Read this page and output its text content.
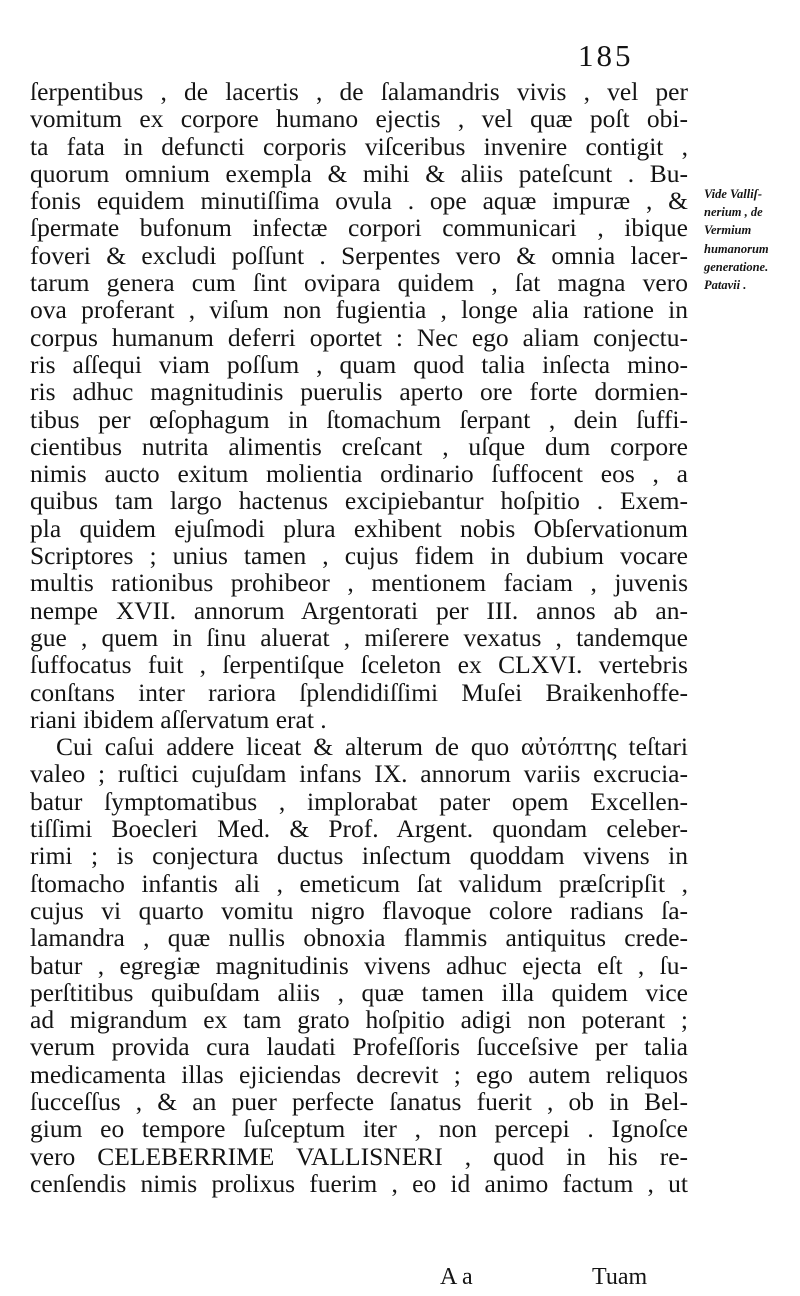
185
ſerpentibus , de lacertis , de ſalamandris vivis , vel per
vomitum ex corpore humano ejectis , vel quæ poſt obi-
ta fata in defuncti corporis viſceribus invenire contigit ,
quorum omnium exempla & mihi & aliis pateſcunt . Bu-
fonis equidem minutiſſima ovula . ope aquæ impuræ , &
ſpermate bufonum infectæ corpori communicari , ibique
foveri & excludi poſſunt . Serpentes vero & omnia lacer-
tarum genera cum ſint ovipara quidem , ſat magna vero
ova proferant , viſum non fugientia , longe alia ratione in
corpus humanum deferri oportet : Nec ego aliam conjectu-
ris aſſequi viam poſſum , quam quod talia inſecta mino-
ris adhuc magnitudinis puerulis aperto ore forte dormien-
tibus per œſophagum in ſtomachum ſerpant , dein ſuffi-
cientibus nutrita alimentis creſcant , uſque dum corpore
nimis aucto exitum molientia ordinario ſuffocent eos , a
quibus tam largo hactenus excipiebantur hoſpitio . Exem-
pla quidem ejuſmodi plura exhibent nobis Obſervationum
Scriptores ; unius tamen , cujus fidem in dubium vocare
multis rationibus prohibeor , mentionem faciam , juvenis
nempe XVII. annorum Argentorati per III. annos ab an-
gue , quem in ſinu aluerat , miſerere vexatus , tandemque
ſuffocatus fuit , ſerpentiſque ſceleton ex CLXVI. vertebris
conſtans inter rariora ſplendidiſſimi Muſei Braikenhoffe-
riani ibidem aſſervatum erat .
Cui caſui addere liceat & alterum de quo αὐτόπτης teſtari
valeo ; ruſtici cujuſdam infans IX. annorum variis excrucia-
batur ſymptomatibus , implorabat pater opem Excellen-
tiſſimi Boecleri Med. & Prof. Argent. quondam celeber-
rimi ; is conjectura ductus inſectum quoddam vivens in
ſtomacho infantis ali , emeticum ſat validum præſcripſit ,
cujus vi quarto vomitu nigro flavoque colore radians ſa-
lamandra , quæ nullis obnoxia flammis antiquitus crede-
batur , egregiæ magnitudinis vivens adhuc ejecta eſt , ſu-
perſtitibus quibuſdam aliis , quæ tamen illa quidem vice
ad migrandum ex tam grato hoſpitio adigi non poterant ;
verum provida cura laudati Profeſſoris ſucceſsive per talia
medicamenta illas ejiciendas decrevit ; ego autem reliquos
ſucceſſus , & an puer perfecte ſanatus fuerit , ob in Bel-
gium eo tempore ſuſceptum iter , non percepi . Ignoſce
vero CELEBERRIME VALLISNERI , quod in his re-
cenſendis nimis prolixus fuerim , eo id animo factum , ut
Vide Valliſ-
nerium , de
Vermium
humanorum
generatione.
Patavii .
A a	Tuam
